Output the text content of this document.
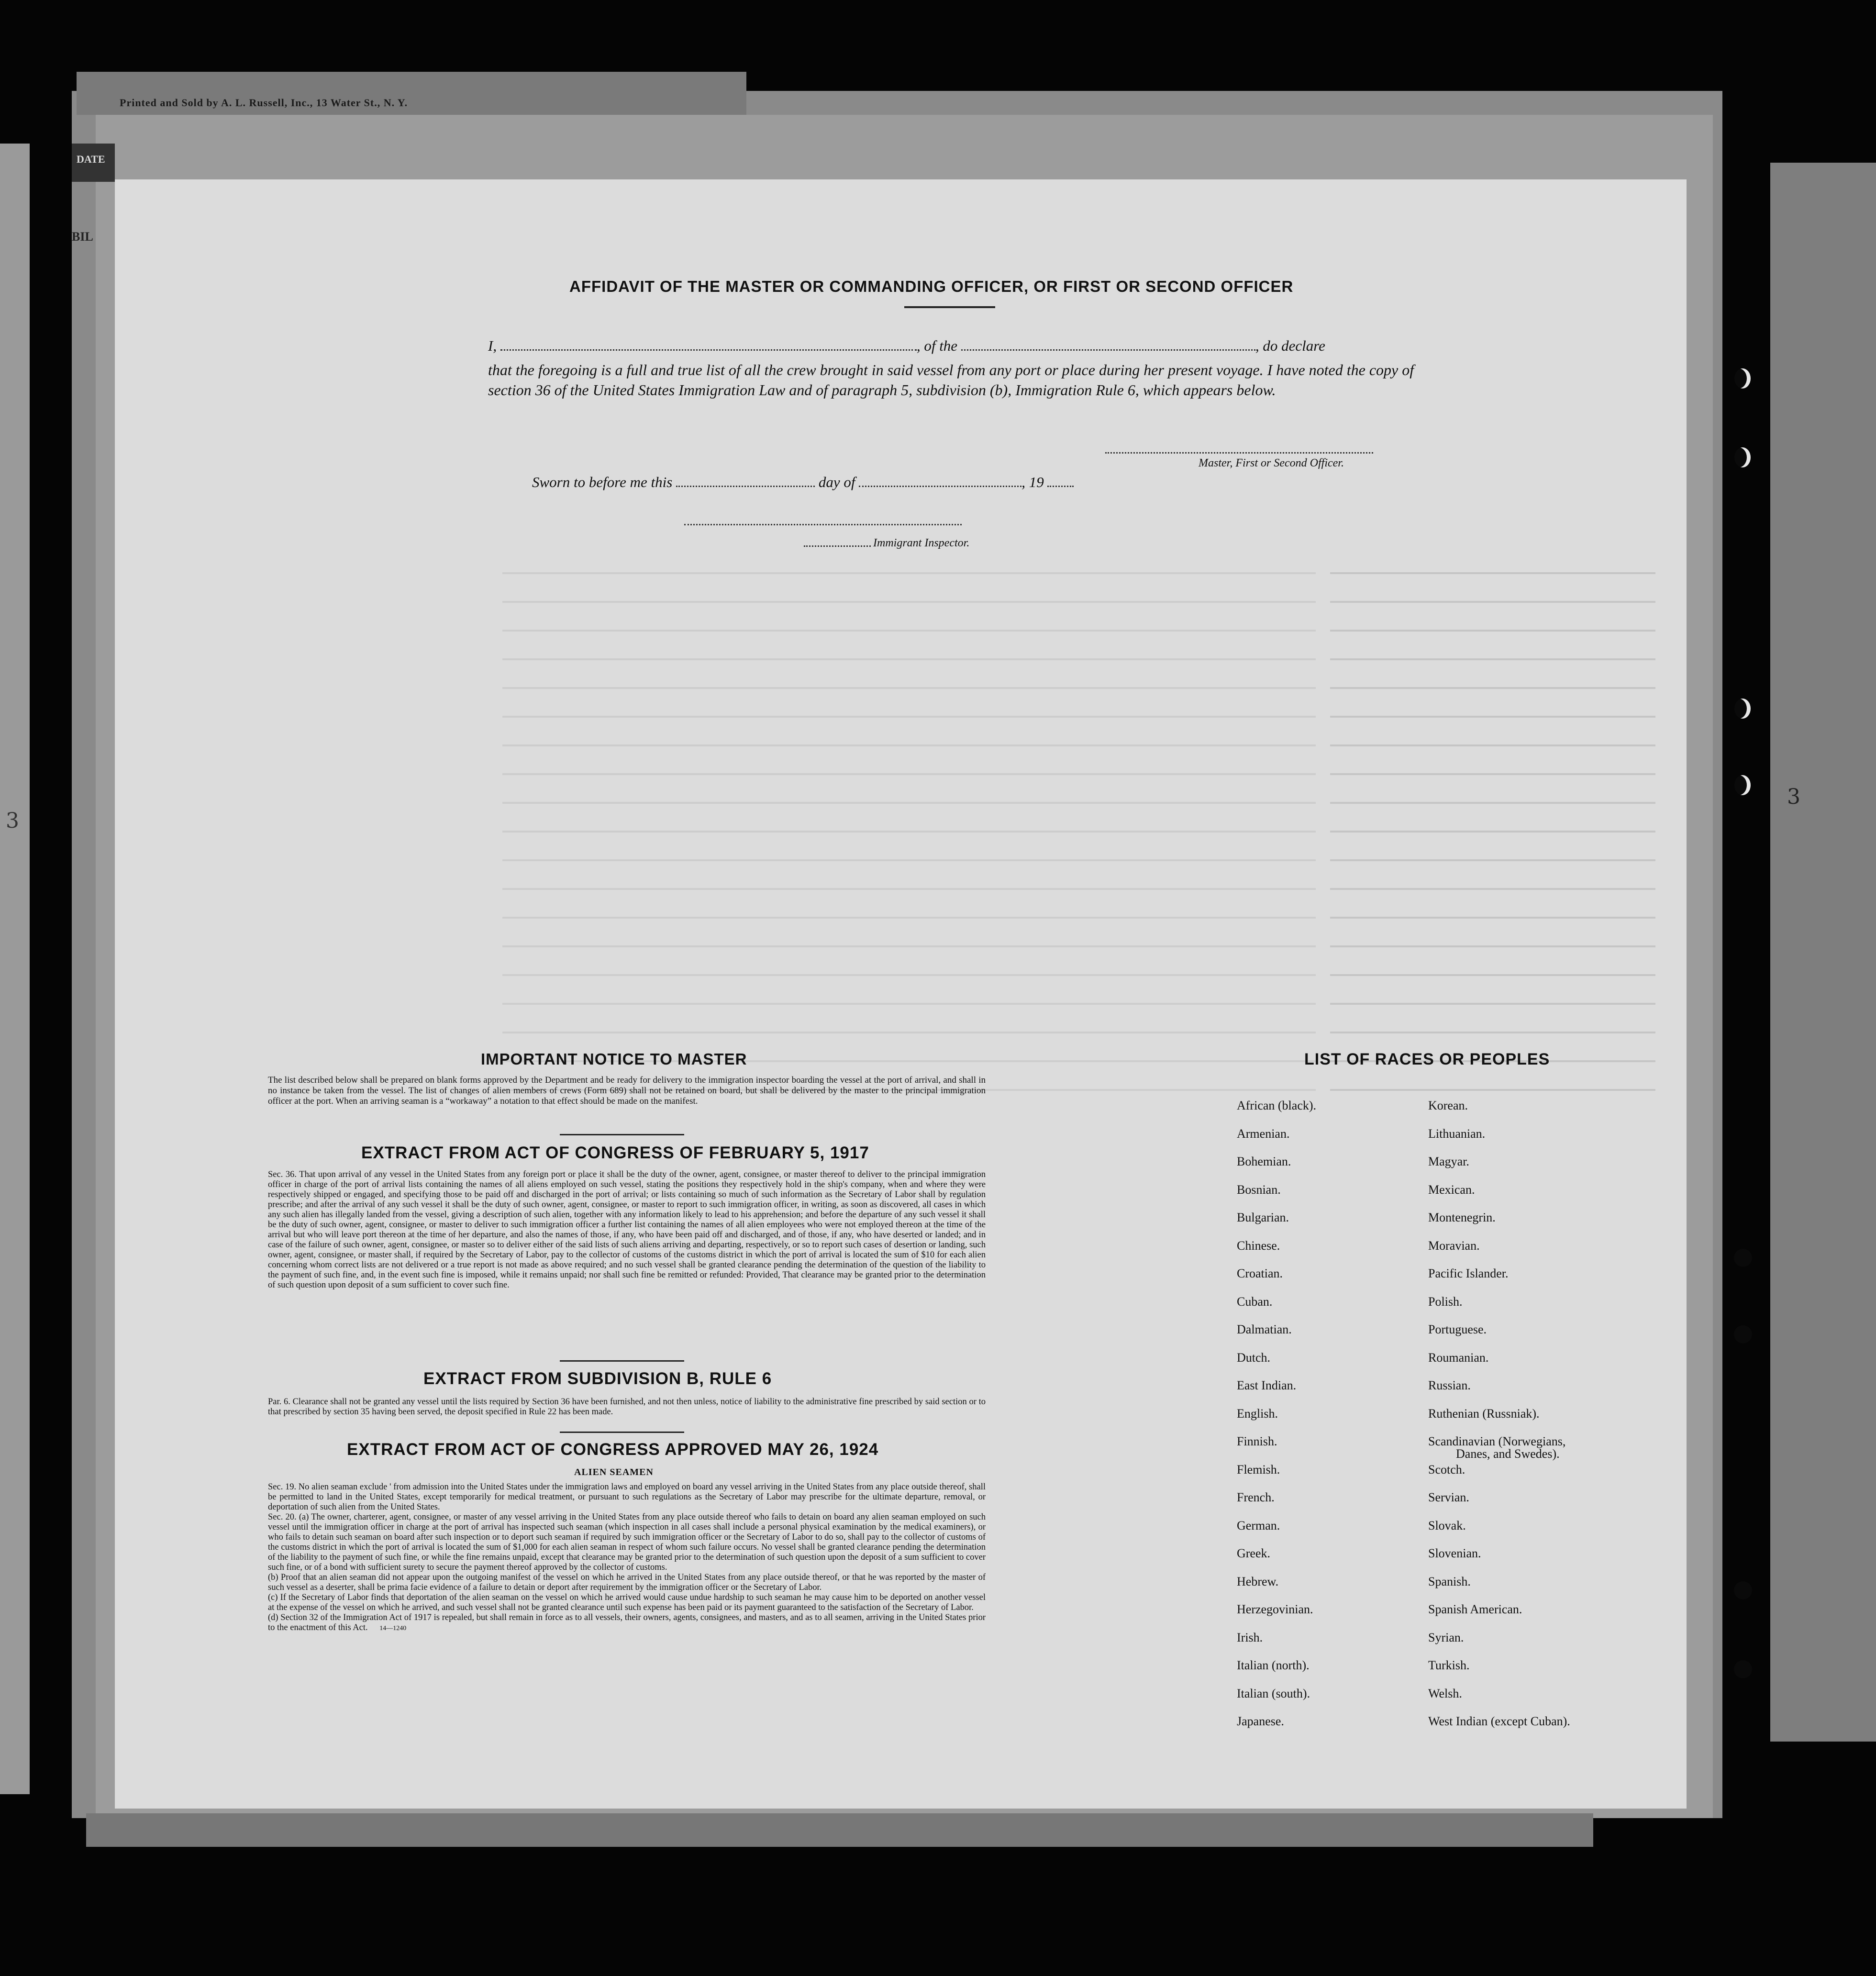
Printed and Sold by A. L. Russell, Inc., 13 Water St., N. Y.
DATE
BIL
3
3
AFFIDAVIT OF THE MASTER OR COMMANDING OFFICER, OR FIRST OR SECOND OFFICER
I,	, of the	, do declare
that the foregoing is a full and true list of all the crew brought in said vessel from any port or place during her present voyage. I have noted the copy of section 36 of the United States Immigration Law and of paragraph 5, subdivision (b), Immigration Rule 6, which appears below.
Master, First or Second Officer.
Sworn to before me this	day of	, 19
Immigrant Inspector.
IMPORTANT NOTICE TO MASTER
The list described below shall be prepared on blank forms approved by the Department and be ready for delivery to the immigration inspector boarding the vessel at the port of arrival, and shall in no instance be taken from the vessel. The list of changes of alien members of crews (Form 689) shall not be retained on board, but shall be delivered by the master to the principal immigration officer at the port. When an arriving seaman is a “workaway” a notation to that effect should be made on the manifest.
EXTRACT FROM ACT OF CONGRESS OF FEBRUARY 5, 1917
Sec. 36. That upon arrival of any vessel in the United States from any foreign port or place it shall be the duty of the owner, agent, consignee, or master thereof to deliver to the principal immigration officer in charge of the port of arrival lists containing the names of all aliens employed on such vessel, stating the positions they respectively hold in the ship's company, when and where they were respectively shipped or engaged, and specifying those to be paid off and discharged in the port of arrival; or lists containing so much of such information as the Secretary of Labor shall by regulation prescribe; and after the arrival of any such vessel it shall be the duty of such owner, agent, consignee, or master to report to such immigration officer, in writing, as soon as discovered, all cases in which any such alien has illegally landed from the vessel, giving a description of such alien, together with any information likely to lead to his apprehension; and before the departure of any such vessel it shall be the duty of such owner, agent, consignee, or master to deliver to such immigration officer a further list containing the names of all alien employees who were not employed thereon at the time of the arrival but who will leave port thereon at the time of her departure, and also the names of those, if any, who have been paid off and discharged, and of those, if any, who have deserted or landed; and in case of the failure of such owner, agent, consignee, or master so to deliver either of the said lists of such aliens arriving and departing, respectively, or so to report such cases of desertion or landing, such owner, agent, consignee, or master shall, if required by the Secretary of Labor, pay to the collector of customs of the customs district in which the port of arrival is located the sum of $10 for each alien concerning whom correct lists are not delivered or a true report is not made as above required; and no such vessel shall be granted clearance pending the determination of the question of the liability to the payment of such fine, and, in the event such fine is imposed, while it remains unpaid; nor shall such fine be remitted or refunded: Provided, That clearance may be granted prior to the determination of such question upon deposit of a sum sufficient to cover such fine.
EXTRACT FROM SUBDIVISION B, RULE 6
Par. 6. Clearance shall not be granted any vessel until the lists required by Section 36 have been furnished, and not then unless, notice of liability to the administrative fine prescribed by said section or to that prescribed by section 35 having been served, the deposit specified in Rule 22 has been made.
EXTRACT FROM ACT OF CONGRESS APPROVED MAY 26, 1924
ALIEN SEAMEN
Sec. 19. No alien seaman exclude ' from admission into the United States under the immigration laws and employed on board any vessel arriving in the United States from any place outside thereof, shall be permitted to land in the United States, except temporarily for medical treatment, or pursuant to such regulations as the Secretary of Labor may prescribe for the ultimate departure, removal, or deportation of such alien from the United States.
Sec. 20. (a) The owner, charterer, agent, consignee, or master of any vessel arriving in the United States from any place outside thereof who fails to detain on board any alien seaman employed on such vessel until the immigration officer in charge at the port of arrival has inspected such seaman (which inspection in all cases shall include a personal physical examination by the medical examiners), or who fails to detain such seaman on board after such inspection or to deport such seaman if required by such immigration officer or the Secretary of Labor to do so, shall pay to the collector of customs of the customs district in which the port of arrival is located the sum of $1,000 for each alien seaman in respect of whom such failure occurs. No vessel shall be granted clearance pending the determination of the liability to the payment of such fine, or while the fine remains unpaid, except that clearance may be granted prior to the determination of such question upon the deposit of a sum sufficient to cover such fine, or of a bond with sufficient surety to secure the payment thereof approved by the collector of customs.
(b) Proof that an alien seaman did not appear upon the outgoing manifest of the vessel on which he arrived in the United States from any place outside thereof, or that he was reported by the master of such vessel as a deserter, shall be prima facie evidence of a failure to detain or deport after requirement by the immigration officer or the Secretary of Labor.
(c) If the Secretary of Labor finds that deportation of the alien seaman on the vessel on which he arrived would cause undue hardship to such seaman he may cause him to be deported on another vessel at the expense of the vessel on which he arrived, and such vessel shall not be granted clearance until such expense has been paid or its payment guaranteed to the satisfaction of the Secretary of Labor.
(d) Section 32 of the Immigration Act of 1917 is repealed, but shall remain in force as to all vessels, their owners, agents, consignees, and masters, and as to all seamen, arriving in the United States prior to the enactment of this Act. 14—1240
LIST OF RACES OR PEOPLES
African (black).
Armenian.
Bohemian.
Bosnian.
Bulgarian.
Chinese.
Croatian.
Cuban.
Dalmatian.
Dutch.
East Indian.
English.
Finnish.
Flemish.
French.
German.
Greek.
Hebrew.
Herzegovinian.
Irish.
Italian (north).
Italian (south).
Japanese.
Korean.
Lithuanian.
Magyar.
Mexican.
Montenegrin.
Moravian.
Pacific Islander.
Polish.
Portuguese.
Roumanian.
Russian.
Ruthenian (Russniak).
Scandinavian (Norwegians,
Danes, and Swedes).
Scotch.
Servian.
Slovak.
Slovenian.
Spanish.
Spanish American.
Syrian.
Turkish.
Welsh.
West Indian (except Cuban).
